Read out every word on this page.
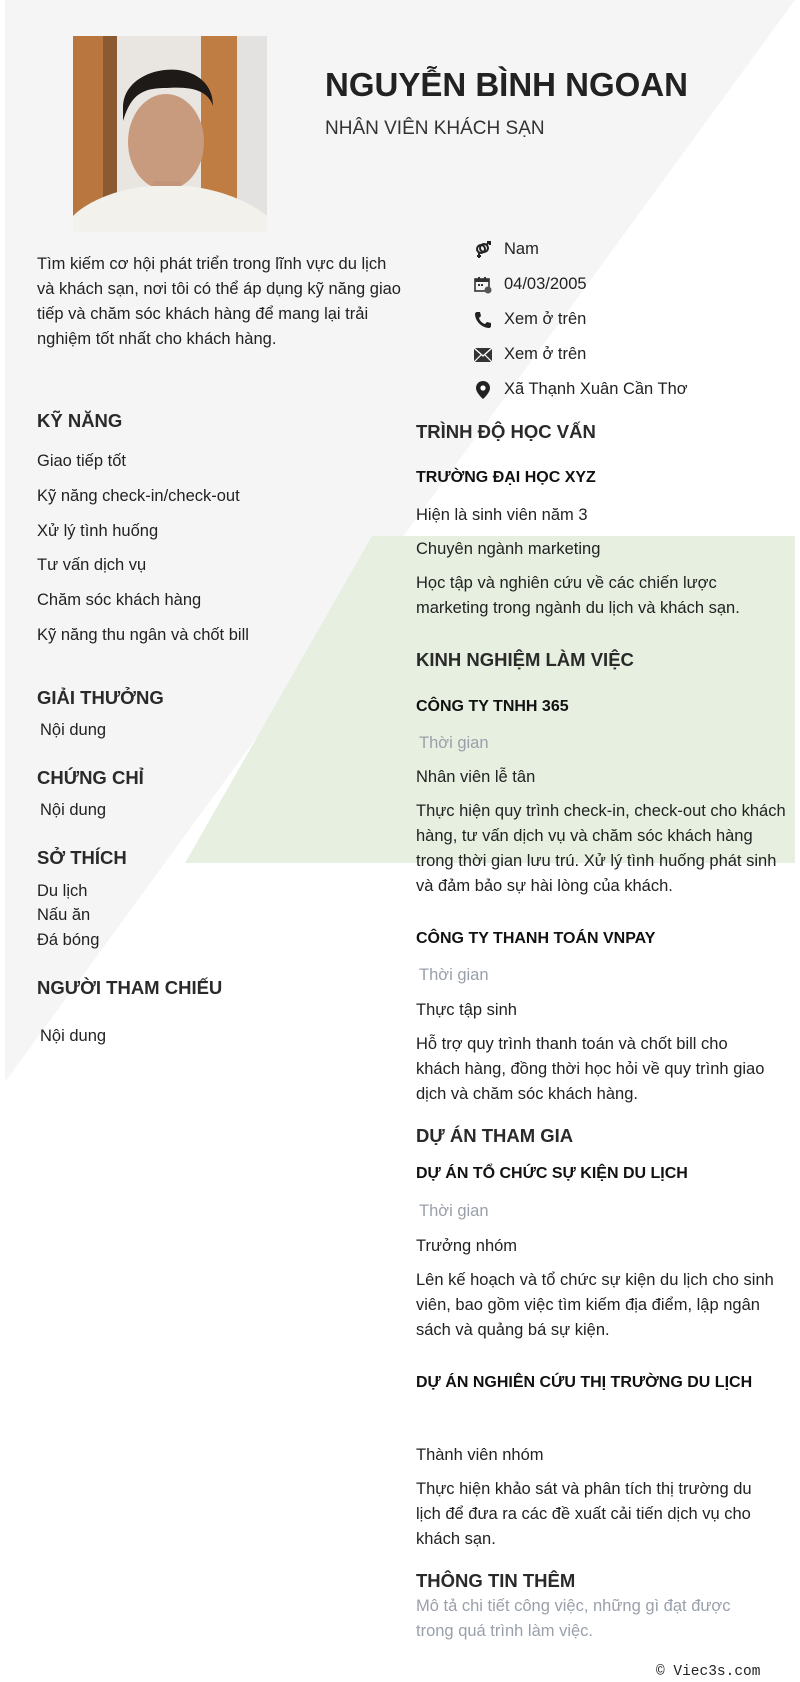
NGUYỄN BÌNH NGOAN
NHÂN VIÊN KHÁCH SẠN
Tìm kiếm cơ hội phát triển trong lĩnh vực du lịch và khách sạn, nơi tôi có thể áp dụng kỹ năng giao tiếp và chăm sóc khách hàng để mang lại trải nghiệm tốt nhất cho khách hàng.
Nam
04/03/2005
Xem ở trên
Xem ở trên
Xã Thạnh Xuân Cần Thơ
KỸ NĂNG
Giao tiếp tốt
Kỹ năng check-in/check-out
Xử lý tình huống
Tư vấn dịch vụ
Chăm sóc khách hàng
Kỹ năng thu ngân và chốt bill
GIẢI THƯỞNG
Nội dung
CHỨNG CHỈ
Nội dung
SỞ THÍCH
Du lịch
Nấu ăn
Đá bóng
NGƯỜI THAM CHIẾU
Nội dung
TRÌNH ĐỘ HỌC VẤN
TRƯỜNG ĐẠI HỌC XYZ
Hiện là sinh viên năm 3
Chuyên ngành marketing
Học tập và nghiên cứu về các chiến lược marketing trong ngành du lịch và khách sạn.
KINH NGHIỆM LÀM VIỆC
CÔNG TY TNHH 365
Thời gian
Nhân viên lễ tân
Thực hiện quy trình check-in, check-out cho khách hàng, tư vấn dịch vụ và chăm sóc khách hàng trong thời gian lưu trú. Xử lý tình huống phát sinh và đảm bảo sự hài lòng của khách.
CÔNG TY THANH TOÁN VNPAY
Thời gian
Thực tập sinh
Hỗ trợ quy trình thanh toán và chốt bill cho khách hàng, đồng thời học hỏi về quy trình giao dịch và chăm sóc khách hàng.
DỰ ÁN THAM GIA
DỰ ÁN TỔ CHỨC SỰ KIỆN DU LỊCH
Thời gian
Trưởng nhóm
Lên kế hoạch và tổ chức sự kiện du lịch cho sinh viên, bao gồm việc tìm kiếm địa điểm, lập ngân sách và quảng bá sự kiện.
DỰ ÁN NGHIÊN CỨU THỊ TRƯỜNG DU LỊCH
Thành viên nhóm
Thực hiện khảo sát và phân tích thị trường du lịch để đưa ra các đề xuất cải tiến dịch vụ cho khách sạn.
THÔNG TIN THÊM
Mô tả chi tiết công việc, những gì đạt được trong quá trình làm việc.
© Viec3s.com
